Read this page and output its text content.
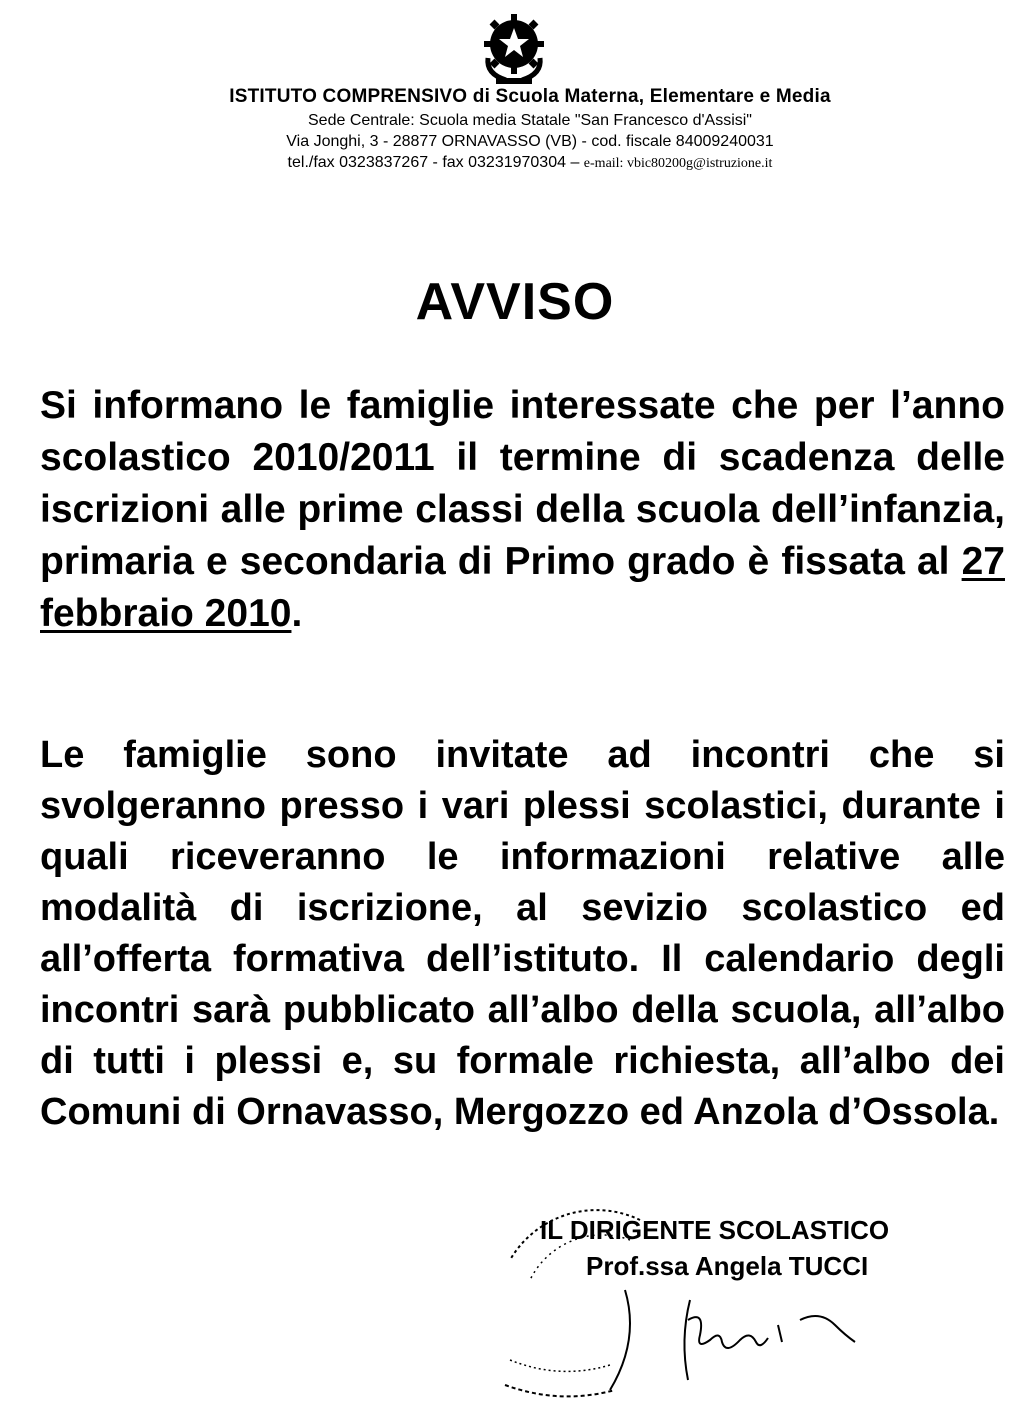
ISTITUTO COMPRENSIVO di Scuola Materna, Elementare e Media
Sede Centrale: Scuola media Statale "San Francesco d'Assisi"
Via Jonghi, 3 - 28877 ORNAVASSO (VB) - cod. fiscale 84009240031
tel./fax 0323837267 - fax 03231970304 – e-mail: vbic80200g@istruzione.it
AVVISO
Si informano le famiglie interessate che per l’anno scolastico 2010/2011 il termine di scadenza delle iscrizioni alle prime classi della scuola dell’infanzia, primaria e secondaria di Primo grado è fissata al 27 febbraio 2010.
Le famiglie sono invitate ad incontri che si svolgeranno presso i vari plessi scolastici, durante i quali riceveranno le informazioni relative alle modalità di iscrizione, al sevizio scolastico ed all’offerta formativa dell’istituto. Il calendario degli incontri sarà pubblicato all’albo della scuola, all’albo di tutti i plessi e, su formale richiesta, all’albo dei Comuni di Ornavasso, Mergozzo ed Anzola d’Ossola.
IL DIRIGENTE SCOLASTICO
Prof.ssa Angela TUCCI
